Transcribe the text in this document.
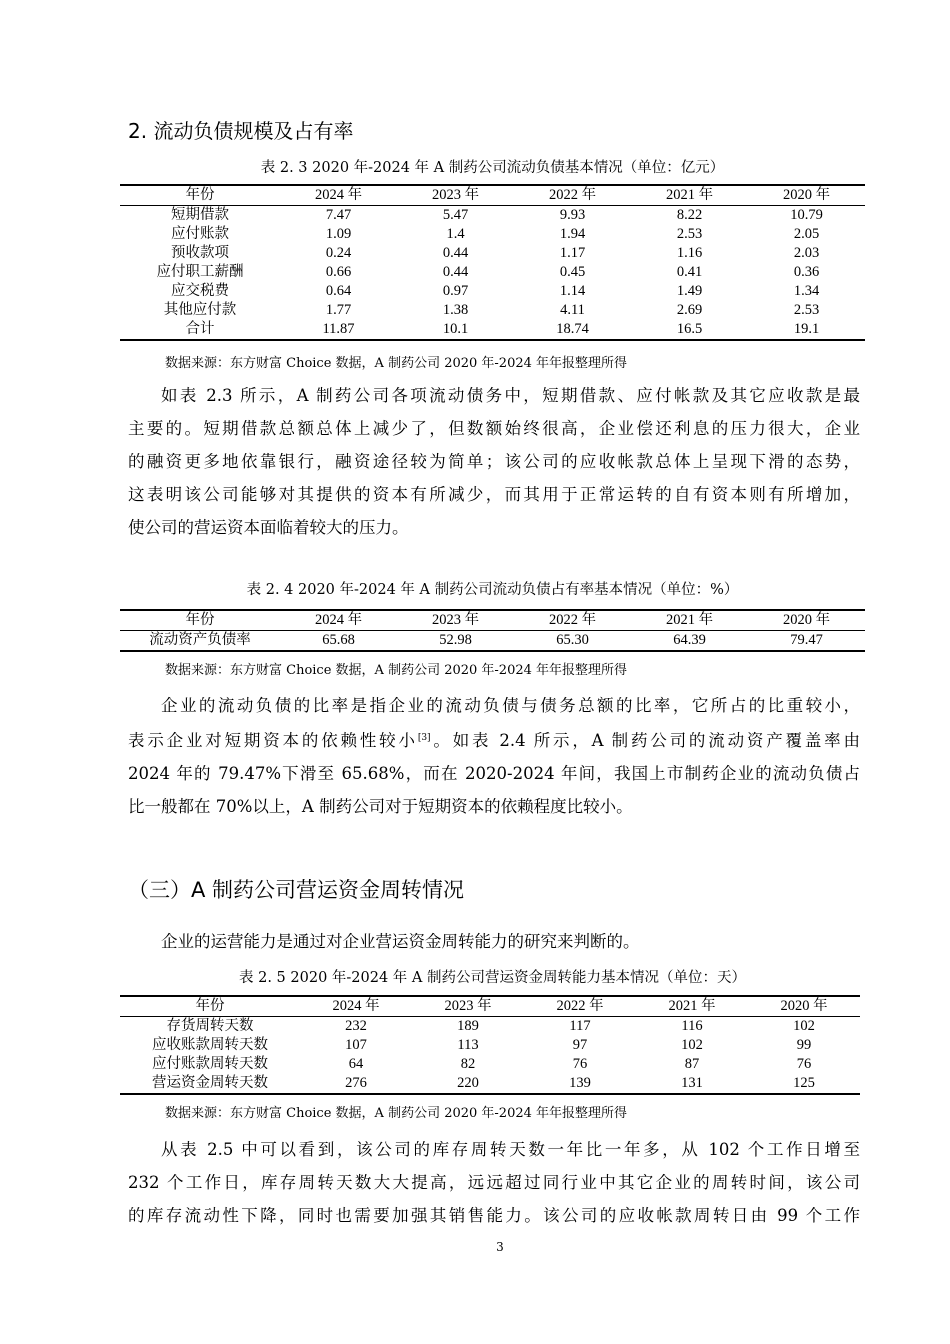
2. 流动负债规模及占有率
表 2. 3 2020 年-2024 年 A 制药公司流动负债基本情况（单位：亿元）
年份	2024 年	2023 年	2022 年	2021 年	2020 年
短期借款	7.47	5.47	9.93	8.22	10.79
应付账款	1.09	1.4	1.94	2.53	2.05
预收款项	0.24	0.44	1.17	1.16	2.03
应付职工薪酬	0.66	0.44	0.45	0.41	0.36
应交税费	0.64	0.97	1.14	1.49	1.34
其他应付款	1.77	1.38	4.11	2.69	2.53
合计	11.87	10.1	18.74	16.5	19.1
数据来源：东方财富 Choice 数据，A 制药公司 2020 年-2024 年年报整理所得
如表 2.3 所示，A 制药公司各项流动债务中，短期借款、应付帐款及其它应收款是最
主要的。短期借款总额总体上减少了，但数额始终很高，企业偿还利息的压力很大，企业
的融资更多地依靠银行，融资途径较为简单；该公司的应收帐款总体上呈现下滑的态势，
这表明该公司能够对其提供的资本有所减少，而其用于正常运转的自有资本则有所增加，
使公司的营运资本面临着较大的压力。
表 2. 4 2020 年-2024 年 A 制药公司流动负债占有率基本情况（单位：%）
年份	2024 年	2023 年	2022 年	2021 年	2020 年
流动资产负债率	65.68	52.98	65.30	64.39	79.47
数据来源：东方财富 Choice 数据，A 制药公司 2020 年-2024 年年报整理所得
企业的流动负债的比率是指企业的流动负债与债务总额的比率，它所占的比重较小，
表示企业对短期资本的依赖性较小[3]。如表 2.4 所示，A 制药公司的流动资产覆盖率由
2024 年的 79.47%下滑至 65.68%，而在 2020-2024 年间，我国上市制药企业的流动负债占
比一般都在 70%以上，A 制药公司对于短期资本的依赖程度比较小。
（三）A 制药公司营运资金周转情况
企业的运营能力是通过对企业营运资金周转能力的研究来判断的。
表 2. 5 2020 年-2024 年 A 制药公司营运资金周转能力基本情况（单位：天）
年份	2024 年	2023 年	2022 年	2021 年	2020 年
存货周转天数	232	189	117	116	102
应收账款周转天数	107	113	97	102	99
应付账款周转天数	64	82	76	87	76
营运资金周转天数	276	220	139	131	125
数据来源：东方财富 Choice 数据，A 制药公司 2020 年-2024 年年报整理所得
从表 2.5 中可以看到，该公司的库存周转天数一年比一年多，从 102 个工作日增至
232 个工作日，库存周转天数大大提高，远远超过同行业中其它企业的周转时间，该公司
的库存流动性下降，同时也需要加强其销售能力。该公司的应收帐款周转日由 99 个工作
3
